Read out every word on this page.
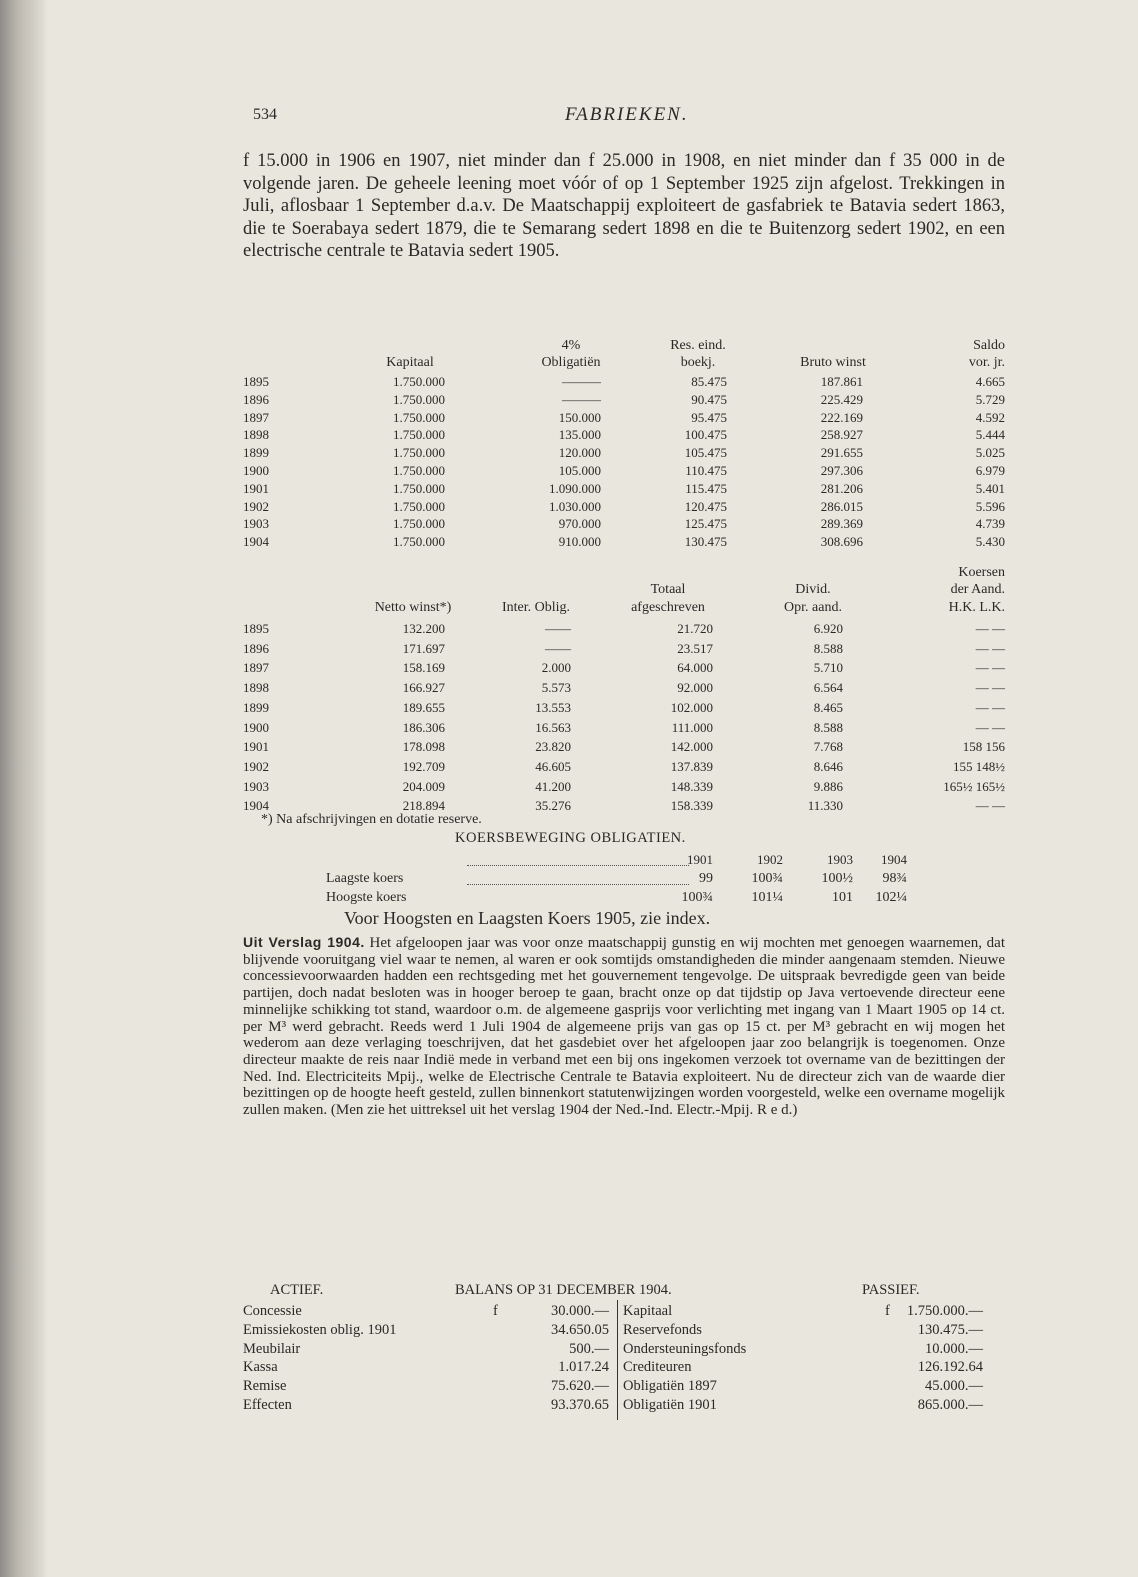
534	FABRIEKEN.
f 15.000 in 1906 en 1907, niet minder dan f 25.000 in 1908, en niet minder dan f 35 000 in de volgende jaren. De geheele leening moet vóór of op 1 September 1925 zijn afgelost. Trekkingen in Juli, aflosbaar 1 September d.a.v. De Maatschappij exploiteert de gasfabriek te Batavia sedert 1863, die te Soerabaya sedert 1879, die te Semarang sedert 1898 en die te Buitenzorg sedert 1902, en een electrische centrale te Batavia sedert 1905.
4%	Res. eind.	Saldo
Kapitaal	Obligatiën	boekj.	Bruto winst	vor. jr.
1895	1.750.000	———	85.475	187.861	4.665
1896	1.750.000	———	90.475	225.429	5.729
1897	1.750.000	150.000	95.475	222.169	4.592
1898	1.750.000	135.000	100.475	258.927	5.444
1899	1.750.000	120.000	105.475	291.655	5.025
1900	1.750.000	105.000	110.475	297.306	6.979
1901	1.750.000	1.090.000	115.475	281.206	5.401
1902	1.750.000	1.030.000	120.475	286.015	5.596
1903	1.750.000	970.000	125.475	289.369	4.739
1904	1.750.000	910.000	130.475	308.696	5.430
Koersen
Totaal	Divid.	der Aand.
Netto winst*)	Inter. Oblig.	afgeschreven	Opr. aand.	H.K. L.K.
1895	132.200	——	21.720	6.920	— —
1896	171.697	——	23.517	8.588	— —
1897	158.169	2.000	64.000	5.710	— —
1898	166.927	5.573	92.000	6.564	— —
1899	189.655	13.553	102.000	8.465	— —
1900	186.306	16.563	111.000	8.588	— —
1901	178.098	23.820	142.000	7.768	158 156
1902	192.709	46.605	137.839	8.646	155 148½
1903	204.009	41.200	148.339	9.886	165½ 165½
1904	218.894	35.276	158.339	11.330	— —
*) Na afschrijvingen en dotatie reserve.
KOERSBEWEGING OBLIGATIEN.
1901	1902	1903	1904
Laagste koers	99	100¾	100½	98¾
Hoogste koers	100¾	101¼	101	102¼
Voor Hoogsten en Laagsten Koers 1905, zie index.
Uit Verslag 1904. Het afgeloopen jaar was voor onze maatschappij gunstig en wij mochten met genoegen waarnemen, dat blijvende vooruitgang viel waar te nemen, al waren er ook somtijds omstandigheden die minder aangenaam stemden. Nieuwe concessievoorwaarden hadden een rechtsgeding met het gouvernement tengevolge. De uitspraak bevredigde geen van beide partijen, doch nadat besloten was in hooger beroep te gaan, bracht onze op dat tijdstip op Java vertoevende directeur eene minnelijke schikking tot stand, waardoor o.m. de algemeene gasprijs voor verlichting met ingang van 1 Maart 1905 op 14 ct. per M³ werd gebracht. Reeds werd 1 Juli 1904 de algemeene prijs van gas op 15 ct. per M³ gebracht en wij mogen het wederom aan deze verlaging toeschrijven, dat het gasdebiet over het afgeloopen jaar zoo belangrijk is toegenomen. Onze directeur maakte de reis naar Indië mede in verband met een bij ons ingekomen verzoek tot overname van de bezittingen der Ned. Ind. Electriciteits Mpij., welke de Electrische Centrale te Batavia exploiteert. Nu de directeur zich van de waarde dier bezittingen op de hoogte heeft gesteld, zullen binnenkort statutenwijzingen worden voorgesteld, welke een overname mogelijk zullen maken. (Men zie het uittreksel uit het verslag 1904 der Ned.-Ind. Electr.-Mpij. R e d.)
ACTIEF.	BALANS OP 31 DECEMBER 1904.	PASSIEF.
Concessie	f	30.000.— Kapitaal	f	1.750.000.—
Emissiekosten oblig. 1901	34.650.05 Reservefonds	130.475.—
Meubilair	500.— Ondersteuningsfonds	10.000.—
Kassa	1.017.24 Crediteuren	126.192.64
Remise	75.620.— Obligatiën 1897	45.000.—
Effecten	93.370.65 Obligatiën 1901	865.000.—
